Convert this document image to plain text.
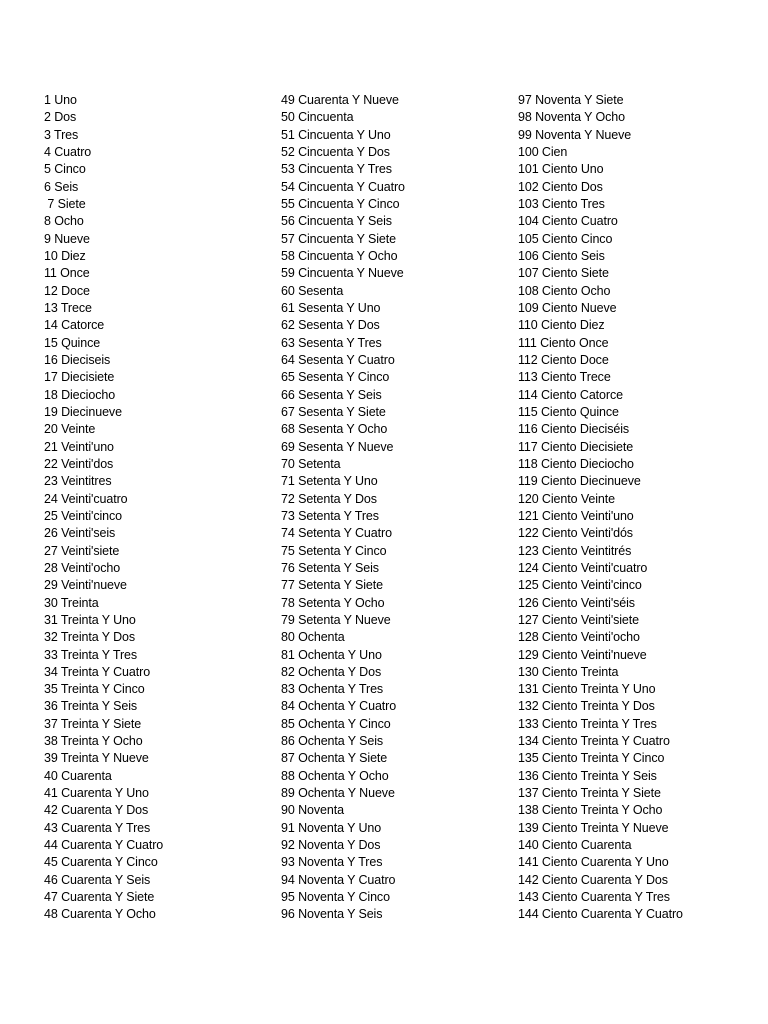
1 Uno
2 Dos
3 Tres
4 Cuatro
5 Cinco
6 Seis
7 Siete
8 Ocho
9 Nueve
10 Diez
11 Once
12 Doce
13 Trece
14 Catorce
15 Quince
16 Dieciseis
17 Diecisiete
18 Dieciocho
19 Diecinueve
20 Veinte
21 Veinti'uno
22 Veinti'dos
23 Veintitres
24 Veinti'cuatro
25 Veinti'cinco
26 Veinti'seis
27 Veinti'siete
28 Veinti'ocho
29 Veinti'nueve
30 Treinta
31 Treinta Y Uno
32 Treinta Y Dos
33 Treinta Y Tres
34 Treinta Y Cuatro
35 Treinta Y Cinco
36 Treinta Y Seis
37 Treinta Y Siete
38 Treinta Y Ocho
39 Treinta Y Nueve
40 Cuarenta
41 Cuarenta Y Uno
42 Cuarenta Y Dos
43 Cuarenta Y Tres
44 Cuarenta Y Cuatro
45 Cuarenta Y Cinco
46 Cuarenta Y Seis
47 Cuarenta Y Siete
48 Cuarenta Y Ocho
49 Cuarenta Y Nueve
50 Cincuenta
51 Cincuenta Y Uno
52 Cincuenta Y Dos
53 Cincuenta Y Tres
54 Cincuenta Y Cuatro
55 Cincuenta Y Cinco
56 Cincuenta Y Seis
57 Cincuenta Y Siete
58 Cincuenta Y Ocho
59 Cincuenta Y Nueve
60 Sesenta
61 Sesenta Y Uno
62 Sesenta Y Dos
63 Sesenta Y Tres
64 Sesenta Y Cuatro
65 Sesenta Y Cinco
66 Sesenta Y Seis
67 Sesenta Y Siete
68 Sesenta Y Ocho
69 Sesenta Y Nueve
70 Setenta
71 Setenta Y Uno
72 Setenta Y Dos
73 Setenta Y Tres
74 Setenta Y Cuatro
75 Setenta Y Cinco
76 Setenta Y Seis
77 Setenta Y Siete
78 Setenta Y Ocho
79 Setenta Y Nueve
80 Ochenta
81 Ochenta Y Uno
82 Ochenta Y Dos
83 Ochenta Y Tres
84 Ochenta Y Cuatro
85 Ochenta Y Cinco
86 Ochenta Y Seis
87 Ochenta Y Siete
88 Ochenta Y Ocho
89 Ochenta Y Nueve
90 Noventa
91 Noventa Y Uno
92 Noventa Y Dos
93 Noventa Y Tres
94 Noventa Y Cuatro
95 Noventa Y Cinco
96 Noventa Y Seis
97 Noventa Y Siete
98 Noventa Y Ocho
99 Noventa Y Nueve
100 Cien
101 Ciento Uno
102 Ciento Dos
103 Ciento Tres
104 Ciento Cuatro
105 Ciento Cinco
106 Ciento Seis
107 Ciento Siete
108 Ciento Ocho
109 Ciento Nueve
110 Ciento Diez
111 Ciento Once
112 Ciento Doce
113 Ciento Trece
114 Ciento Catorce
115 Ciento Quince
116 Ciento Dieciséis
117 Ciento Diecisiete
118 Ciento Dieciocho
119 Ciento Diecinueve
120 Ciento Veinte
121 Ciento Veinti'uno
122 Ciento Veinti'dós
123 Ciento Veintitrés
124 Ciento Veinti'cuatro
125 Ciento Veinti'cinco
126 Ciento Veinti'séis
127 Ciento Veinti'siete
128 Ciento Veinti'ocho
129 Ciento Veinti'nueve
130 Ciento Treinta
131 Ciento Treinta Y Uno
132 Ciento Treinta Y Dos
133 Ciento Treinta Y Tres
134 Ciento Treinta Y Cuatro
135 Ciento Treinta Y Cinco
136 Ciento Treinta Y Seis
137 Ciento Treinta Y Siete
138 Ciento Treinta Y Ocho
139 Ciento Treinta Y Nueve
140 Ciento Cuarenta
141 Ciento Cuarenta Y Uno
142 Ciento Cuarenta Y Dos
143 Ciento Cuarenta Y Tres
144 Ciento Cuarenta Y Cuatro
